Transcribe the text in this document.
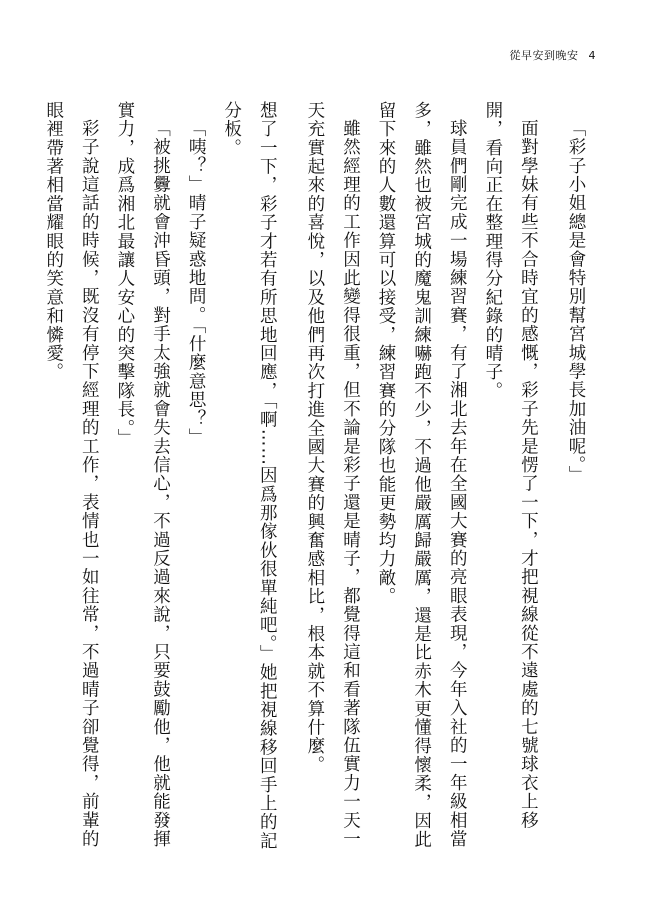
從早安到晚安 4

「彩子小姐總是會特別幫宮城學長加油呢。」

面對學妹有些不合時宜的感慨，彩子先是愣了一下，才把視線從不遠處的七號球衣上移開，看向正在整理得分紀錄的晴子。

球員們剛完成一場練習賽，有了湘北去年在全國大賽的亮眼表現，今年入社的一年級相當多，雖然也被宮城的魔鬼訓練嚇跑不少，不過他嚴厲歸嚴厲，還是比赤木更懂得懷柔，因此留下來的人數還算可以接受，練習賽的分隊也能更勢均力敵。

雖然經理的工作因此變得很重，但不論是彩子還是晴子，都覺得這和看著隊伍實力一天一天充實起來的喜悅，以及他們再次打進全國大賽的興奮感相比，根本就不算什麼。

想了一下，彩子才若有所思地回應，「啊……因爲那傢伙很單純吧。」她把視線移回手上的記分板。

「咦？」晴子疑惑地問。「什麼意思？」

「被挑釁就會沖昏頭，對手太強就會失去信心，不過反過來說，只要鼓勵他，他就能發揮實力，成爲湘北最讓人安心的突擊隊長。」

彩子說這話的時候，既沒有停下經理的工作，表情也一如往常，不過晴子卻覺得，前輩的眼裡帶著相當耀眼的笑意和憐愛。
